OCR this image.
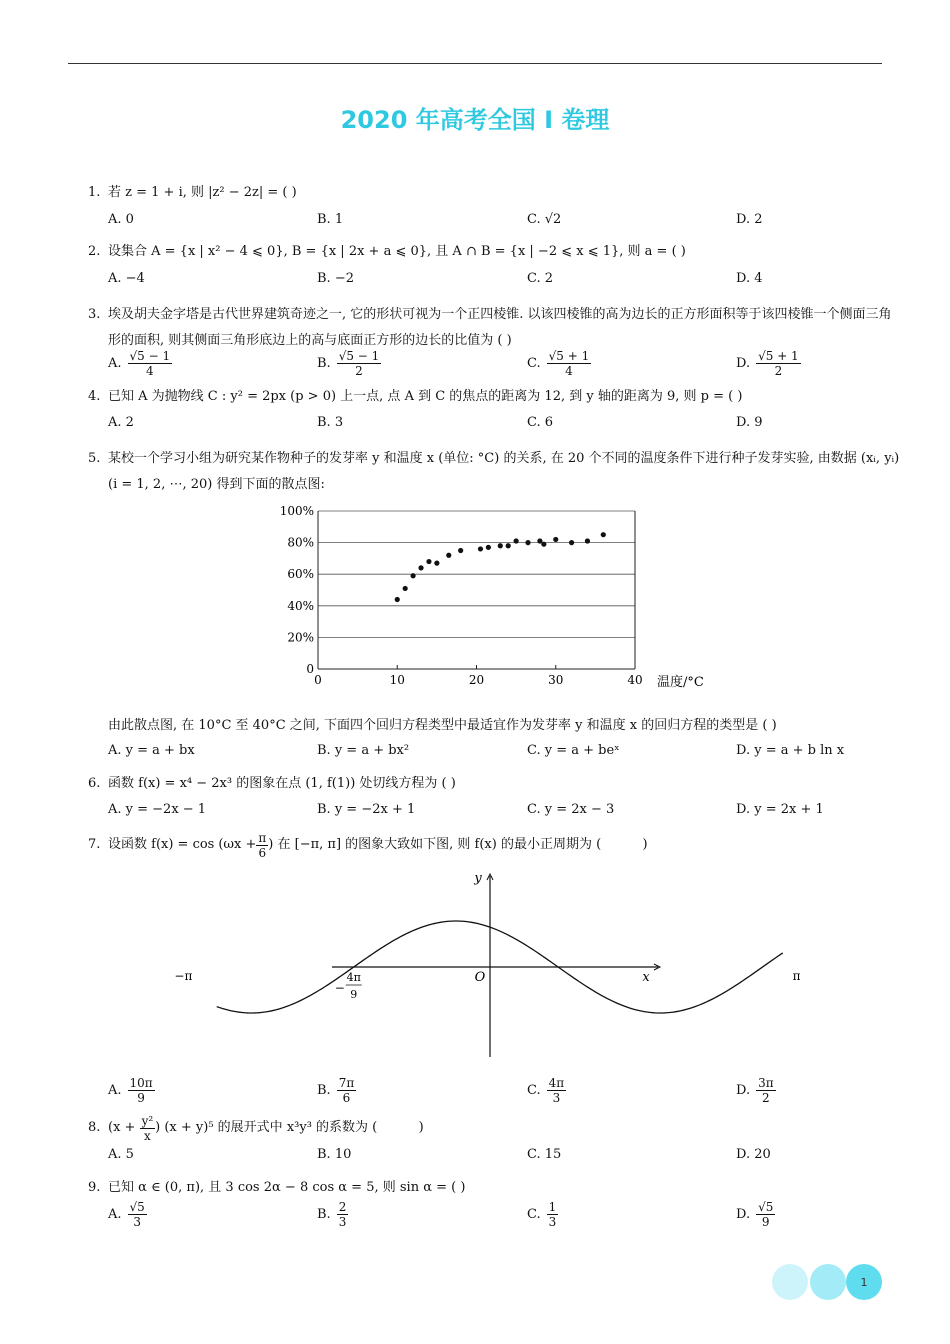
2020 年高考全国 I 卷理
1. 若 z = 1 + i, 则 |z² − 2z| = ( )
A. 0	B. 1	C. √2	D. 2
2. 设集合 A = {x | x² − 4 ⩽ 0}, B = {x | 2x + a ⩽ 0}, 且 A ∩ B = {x | −2 ⩽ x ⩽ 1}, 则 a = ( )
A. −4	B. −2	C. 2	D. 4
3. 埃及胡夫金字塔是古代世界建筑奇迹之一, 它的形状可视为一个正四棱锥. 以该四棱锥的高为边长的正方形面积等于该四棱锥一个侧面三角形的面积, 则其侧面三角形底边上的高与底面正方形的边长的比值为 ( )
A. $\frac{√5 - 1}{4}$	B. $\frac{√5 - 1}{2}$	C. $\frac{√5 + 1}{4}$	D. $\frac{√5 + 1}{2}$
4. 已知 A 为抛物线 C : y² = 2px (p > 0) 上一点, 点 A 到 C 的焦点的距离为 12, 到 y 轴的距离为 9, 则 p = ( )
A. 2	B. 3	C. 6	D. 9
5. 某校一个学习小组为研究某作物种子的发芽率 y 和温度 x (单位: °C) 的关系, 在 20 个不同的温度条件下进行种子发芽实验, 由数据 (xᵢ, yᵢ) (i = 1, 2, ⋯, 20) 得到下面的散点图:
0	10	20	30	40
0
20%
40%
60%
80%
100%
温度/°C
由此散点图, 在 10°C 至 40°C 之间, 下面四个回归方程类型中最适宜作为发芽率 y 和温度 x 的回归方程的类型是 ( )
A. y = a + bx	B. y = a + bx²	C. y = a + beˣ	D. y = a + b ln x
6. 函数 f(x) = x⁴ − 2x³ 的图象在点 (1, f(1)) 处切线方程为 ( )
A. y = −2x − 1	B. y = −2x + 1	C. y = 2x − 3	D. y = 2x + 1
7. 设函数 $f(x) = \cos (\omega x + \frac{\pi}{6}$ ) 在 [−π, π] 的图象大致如下图, 则 f(x) 的最小正周期为 (          )
y
x
O
−π	π
−
4π
9
A. $\frac{10\pi}{9}$	B. $\frac{7\pi}{6}$	C. $\frac{4\pi}{3}$	D. $\frac{3\pi}{2}$
8. ($x + \frac{\text{y²}}{x}$ ) (x + y)⁵ 的展开式中 x³y³ 的系数为 (          )
A. 5	B. 10	C. 15	D. 20
9. 已知 α ∈ (0, π), 且 3 cos 2α − 8 cos α = 5, 则 sin α = ( )
A. $\frac{√5}{3}$	B. $\frac{2}{3}$	C. $\frac{1}{3}$	D. $\frac{√5}{9}$
1
